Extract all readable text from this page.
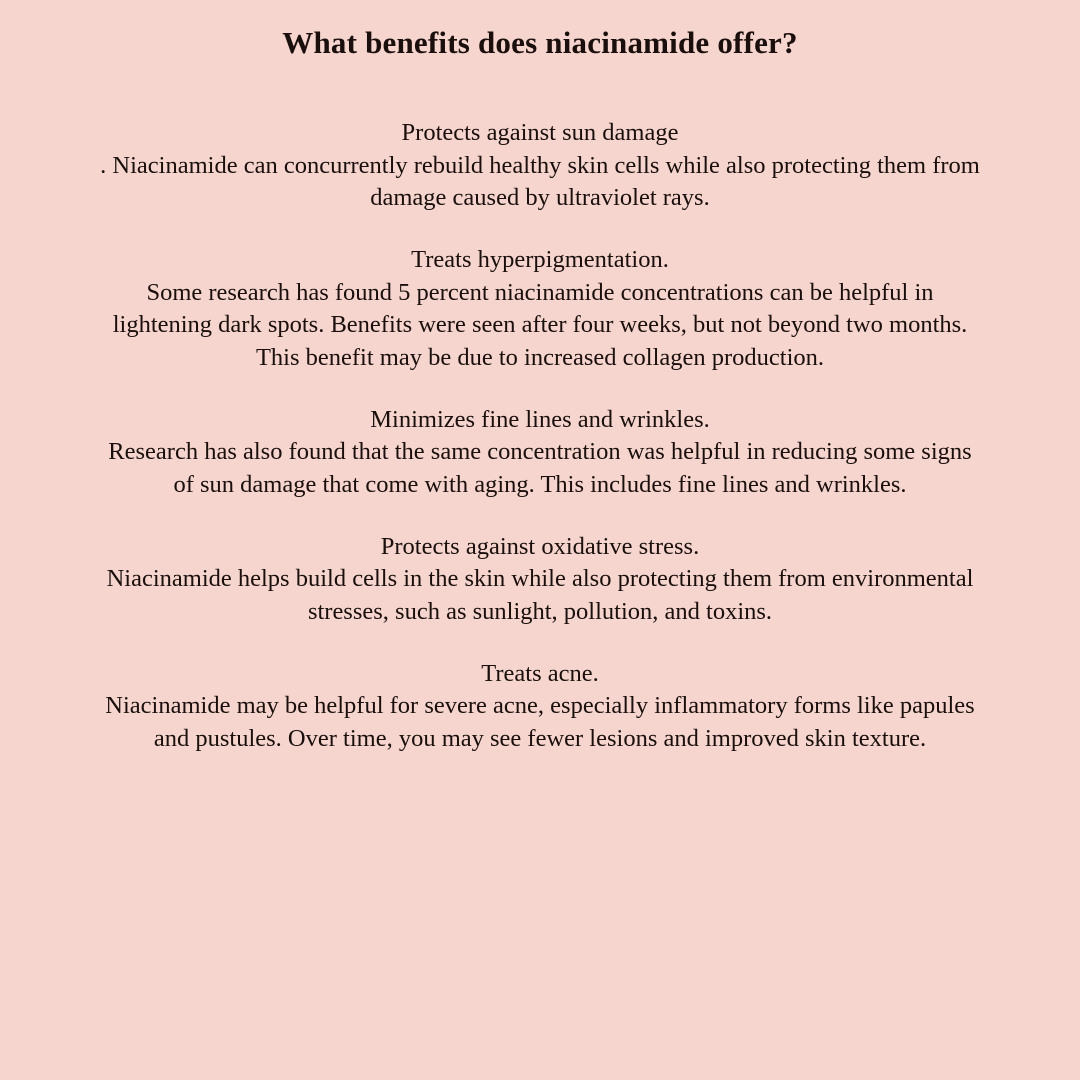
What benefits does niacinamide offer?

Protects against sun damage

. Niacinamide can concurrently rebuild healthy skin cells while also protecting them from damage caused by ultraviolet rays.

Treats hyperpigmentation.

Some research has found 5 percent niacinamide concentrations can be helpful in lightening dark spots. Benefits were seen after four weeks, but not beyond two months. This benefit may be due to increased collagen production.

Minimizes fine lines and wrinkles.

Research has also found that the same concentration was helpful in reducing some signs of sun damage that come with aging. This includes fine lines and wrinkles.

Protects against oxidative stress.

Niacinamide helps build cells in the skin while also protecting them from environmental stresses, such as sunlight, pollution, and toxins.

Treats acne.

Niacinamide may be helpful for severe acne, especially inflammatory forms like papules and pustules. Over time, you may see fewer lesions and improved skin texture.
